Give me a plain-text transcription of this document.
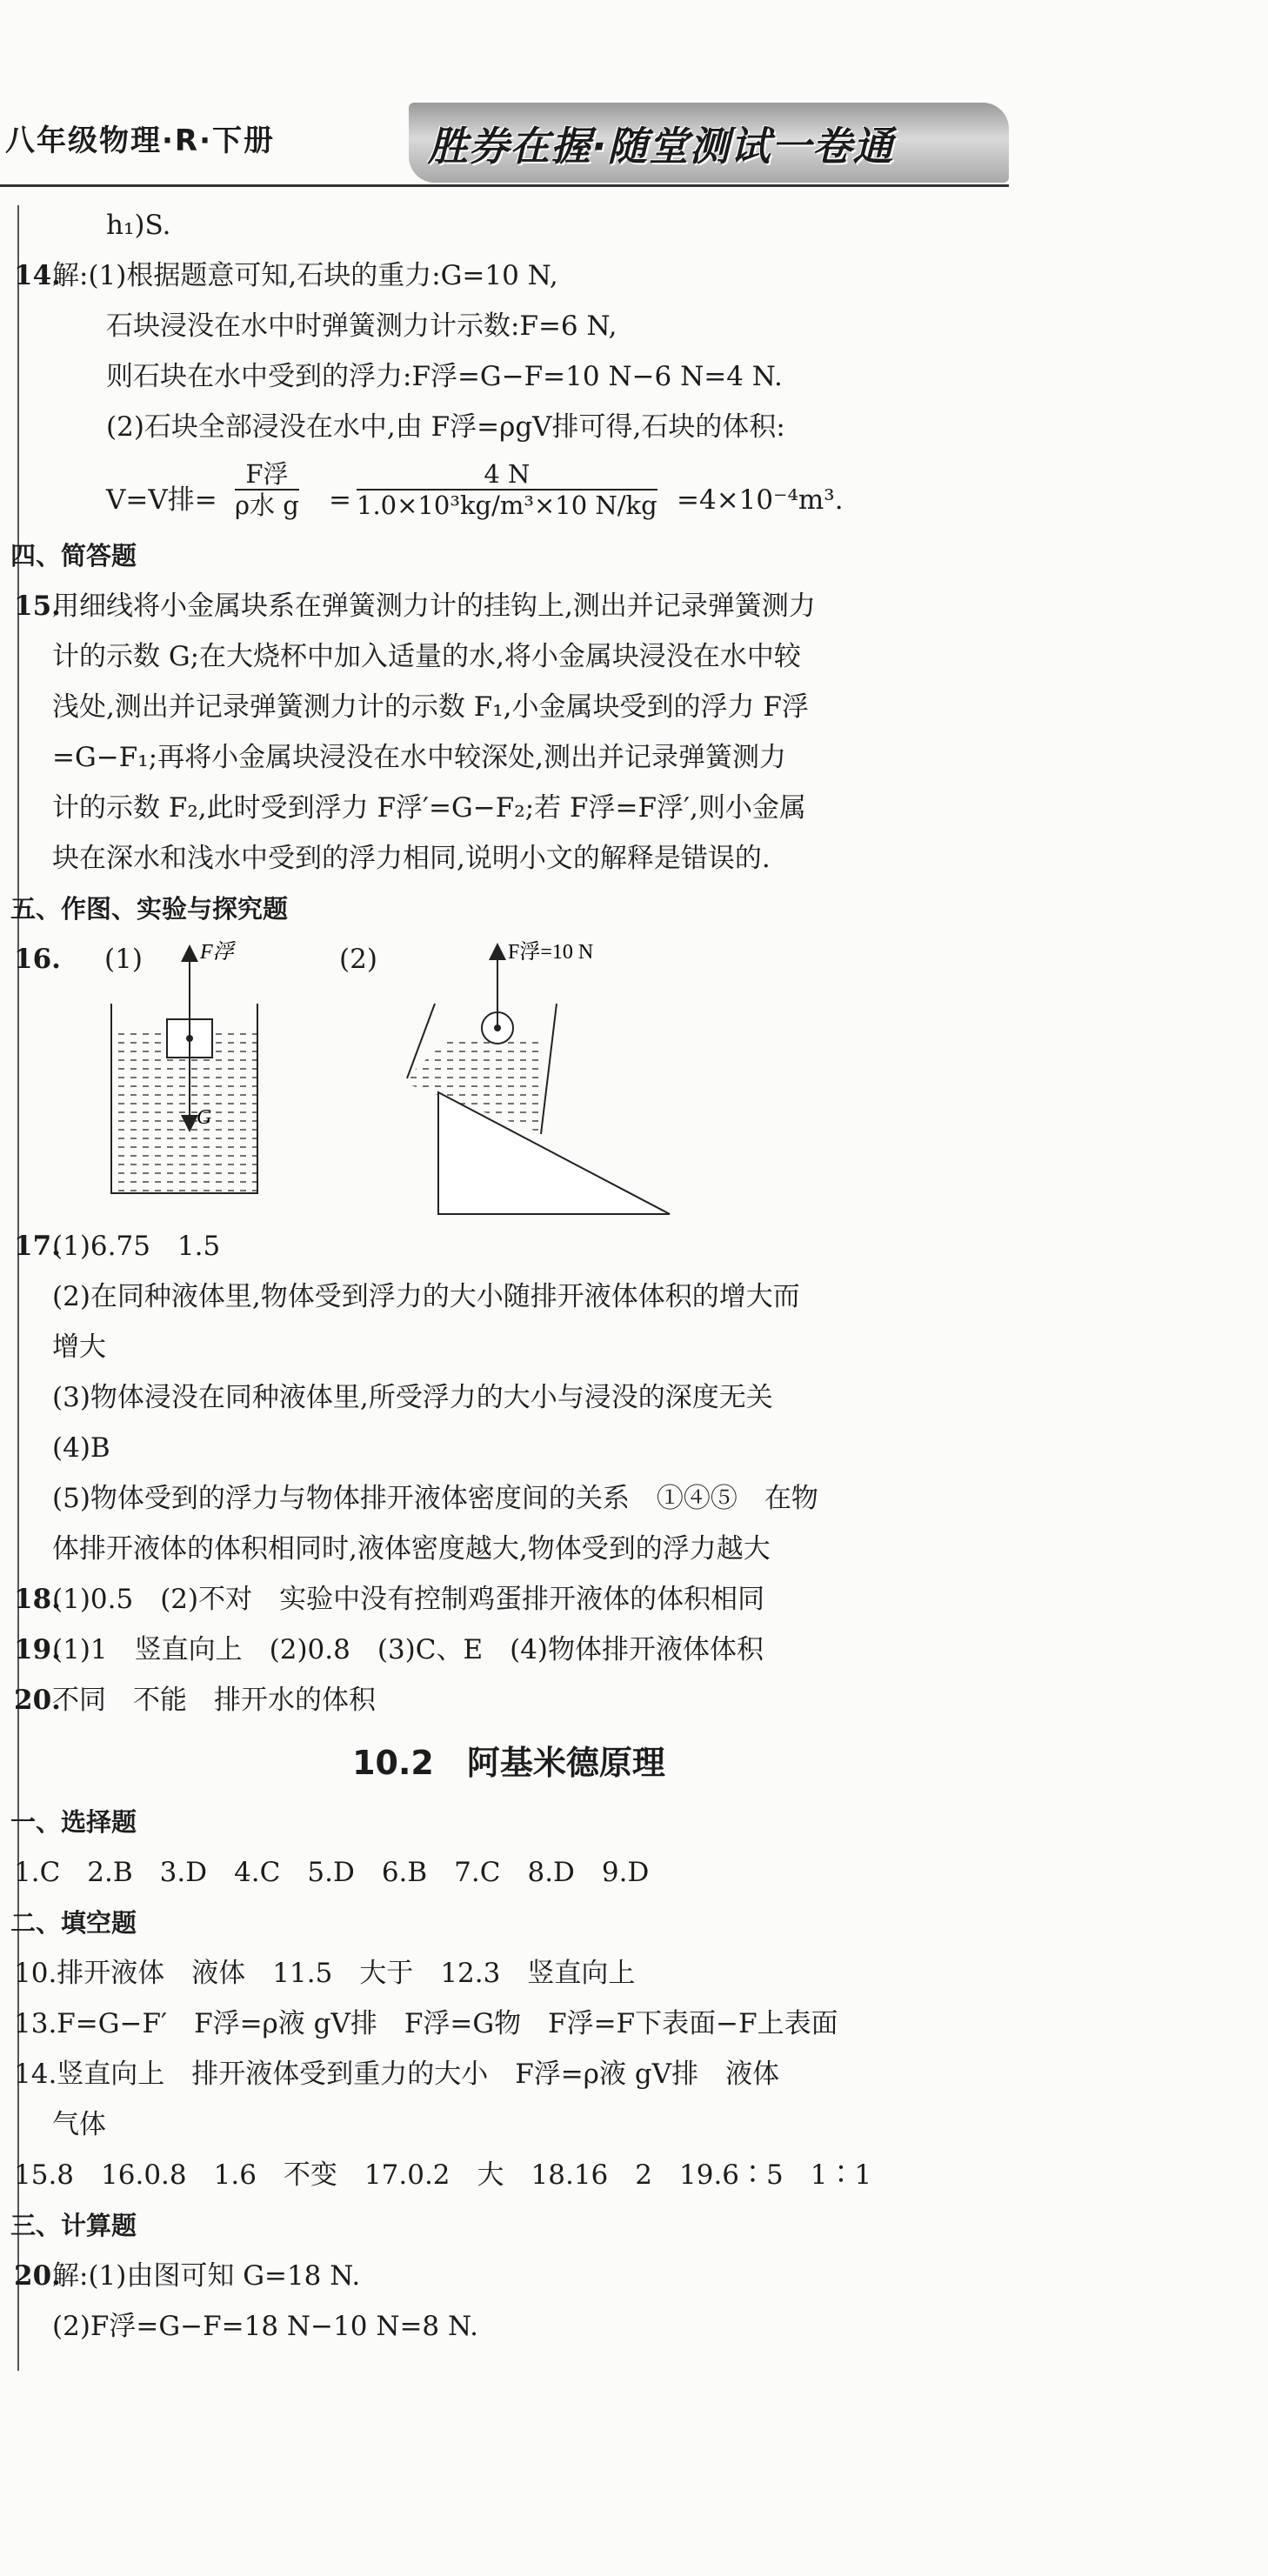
八年级物理·R·下册	胜券在握·随堂测试一卷通
h₁)S.
14.解:(1)根据题意可知,石块的重力:G=10 N,
石块浸没在水中时弹簧测力计示数:F=6 N,
则石块在水中受到的浮力:F浮=G−F=10 N−6 N=4 N.
(2)石块全部浸没在水中,由 F浮=ρgV排可得,石块的体积:
V=V排=
F浮
ρ水 $g = \frac{4 N}{\text{1.0×10³kg/m³×10 N/kg}} =4\times 10^{-4}m^3$.
四、简答题
15.用细线将小金属块系在弹簧测力计的挂钩上,测出并记录弹簧测力
计的示数 G;在大烧杯中加入适量的水,将小金属块浸没在水中较
浅处,测出并记录弹簧测力计的示数 F₁,小金属块受到的浮力 F浮
=G−F₁;再将小金属块浸没在水中较深处,测出并记录弹簧测力
计的示数 F₂,此时受到浮力 F浮′=G−F₂;若 F浮=F浮′,则小金属
块在深水和浅水中受到的浮力相同,说明小文的解释是错误的.
五、作图、实验与探究题
16. (1)	(2)
F浮
G
F浮=10 N
17.(1)6.75　1.5
(2)在同种液体里,物体受到浮力的大小随排开液体体积的增大而
增大
(3)物体浸没在同种液体里,所受浮力的大小与浸没的深度无关
(4)B
(5)物体受到的浮力与物体排开液体密度间的关系　①④⑤　在物
体排开液体的体积相同时,液体密度越大,物体受到的浮力越大
18.(1)0.5　(2)不对　实验中没有控制鸡蛋排开液体的体积相同
19.(1)1　竖直向上　(2)0.8　(3)C、E　(4)物体排开液体体积
20.不同　不能　排开水的体积
10.2　阿基米德原理
一、选择题
1.C　2.B　3.D　4.C　5.D　6.B　7.C　8.D　9.D
二、填空题
10.排开液体　液体　11.5　大于　12.3　竖直向上
13.F=G−F′　F浮=ρ液 gV排　F浮=G物　F浮=F下表面−F上表面
14.竖直向上　排开液体受到重力的大小　F浮=ρ液 gV排　液体
气体
15.8　16.0.8　1.6　不变　17.0.2　大　18.16　2　19.6∶5　1∶1
三、计算题
20.解:(1)由图可知 G=18 N.
(2)F浮=G−F=18 N−10 N=8 N.
